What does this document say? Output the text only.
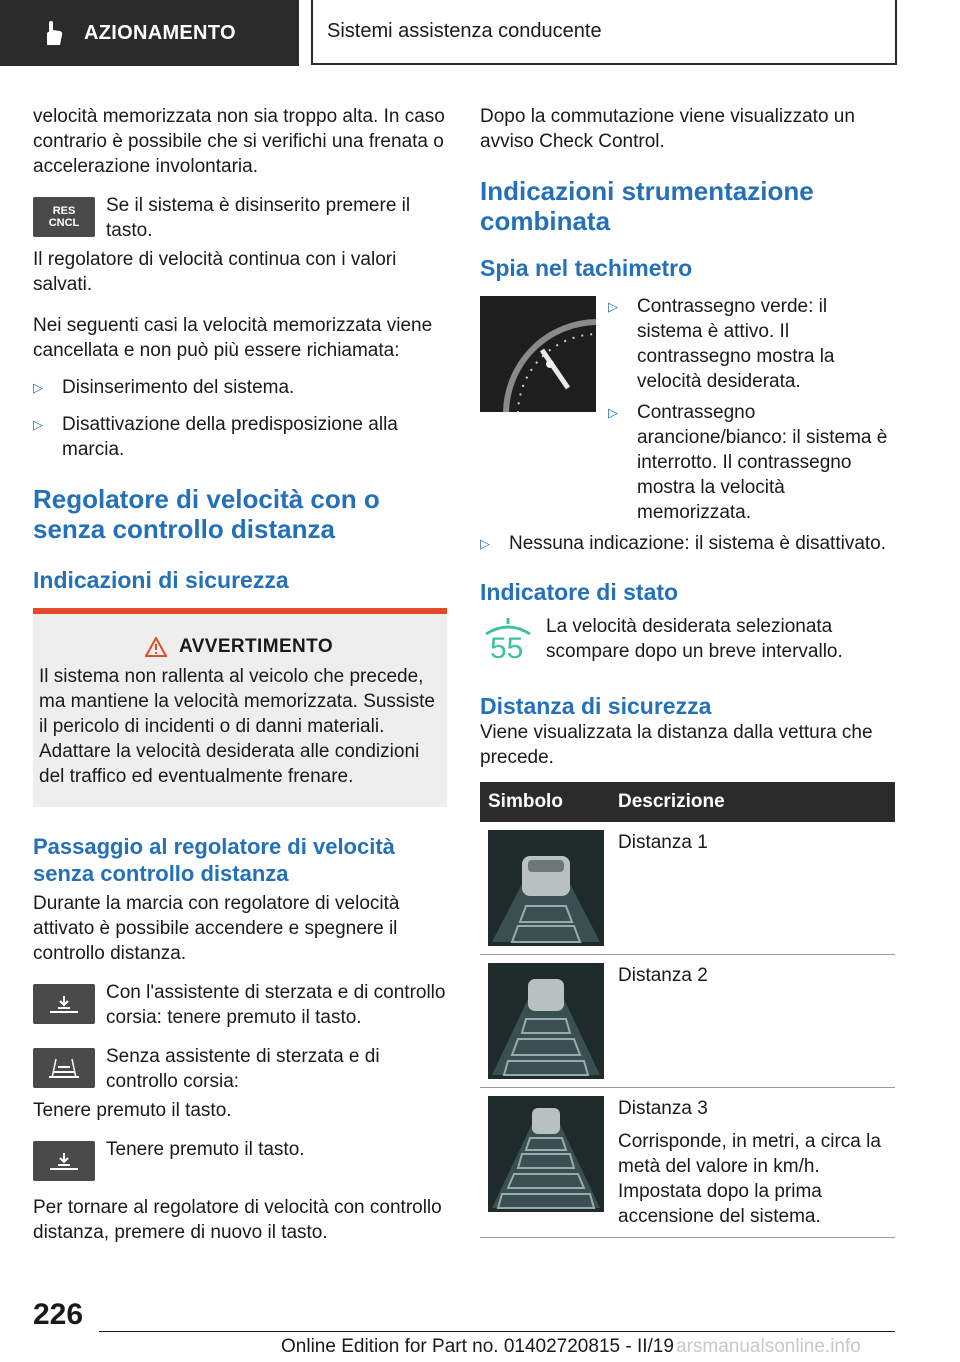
AZIONAMENTO	Sistemi assistenza conducente

velocità memorizzata non sia troppo alta. In caso contrario è possibile che si verifichi una frenata o accelerazione involontaria.

RES
CNCL

Se il sistema è disinserito premere il tasto.

Il regolatore di velocità continua con i valori salvati.

Nei seguenti casi la velocità memorizzata viene cancellata e non può più essere richiamata:

▷	Disinserimento del sistema.
▷	Disattivazione della predisposizione alla marcia.
Regolatore di velocità con o senza controllo distanza
Indicazioni di sicurezza
AVVERTIMENTO

Il sistema non rallenta al veicolo che precede, ma mantiene la velocità memorizzata. Sussiste il pericolo di incidenti o di danni materiali. Adattare la velocità desiderata alle condizioni del traffico ed eventualmente frenare.

Passaggio al regolatore di velocità senza controllo distanza

Durante la marcia con regolatore di velocità attivato è possibile accendere e spegnere il controllo distanza.

Con l'assistente di sterzata e di controllo corsia: tenere premuto il tasto.

Senza assistente di sterzata e di controllo corsia:

Tenere premuto il tasto.

Tenere premuto il tasto.

Per tornare al regolatore di velocità con controllo distanza, premere di nuovo il tasto.

Dopo la commutazione viene visualizzato un avviso Check Control.

Indicazioni strumentazione combinata
Spia nel tachimetro
▷	Contrassegno verde: il sistema è attivo. Il contrassegno mostra la velocità desiderata.
▷	Contrassegno arancione/bianco: il sistema è interrotto. Il contrassegno mostra la velocità memorizzata.
▷	Nessuna indicazione: il sistema è disattivato.
Indicatore di stato
55

La velocità desiderata selezionata scompare dopo un breve intervallo.

Distanza di sicurezza

Viene visualizzata la distanza dalla vettura che precede.

Simbolo	Descrizione

Distanza 1

Distanza 2

Distanza 3
Corrisponde, in metri, a circa la metà del valore in km/h. Impostata dopo la prima accensione del sistema.
226
Online Edition for Part no. 01402720815 - II/19 arsmanualsonline.info
